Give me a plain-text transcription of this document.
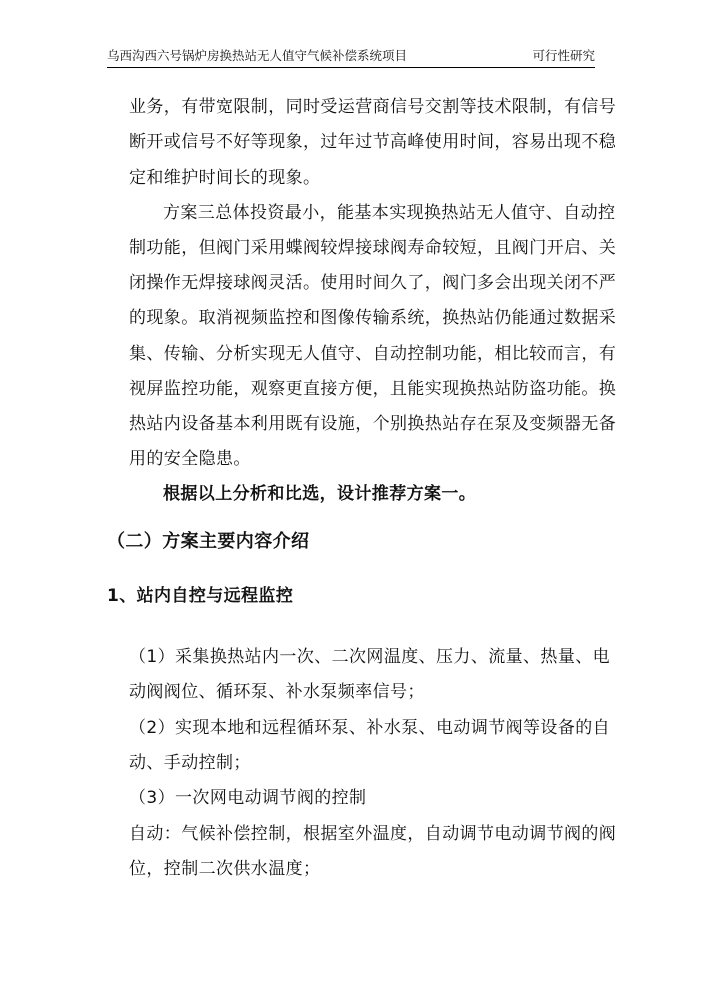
乌西沟西六号锅炉房换热站无人值守气候补偿系统项目	可行性研究

业务，有带宽限制，同时受运营商信号交割等技术限制，有信号

断开或信号不好等现象，过年过节高峰使用时间，容易出现不稳

定和维护时间长的现象。

方案三总体投资最小，能基本实现换热站无人值守、自动控

制功能，但阀门采用蝶阀较焊接球阀寿命较短，且阀门开启、关

闭操作无焊接球阀灵活。使用时间久了，阀门多会出现关闭不严

的现象。取消视频监控和图像传输系统，换热站仍能通过数据采

集、传输、分析实现无人值守、自动控制功能，相比较而言，有

视屏监控功能，观察更直接方便，且能实现换热站防盗功能。换

热站内设备基本利用既有设施，个别换热站存在泵及变频器无备

用的安全隐患。

根据以上分析和比选，设计推荐方案一。

（二）方案主要内容介绍

1、站内自控与远程监控

（1）采集换热站内一次、二次网温度、压力、流量、热量、电

动阀阀位、循环泵、补水泵频率信号；

（2）实现本地和远程循环泵、补水泵、电动调节阀等设备的自

动、手动控制；

（3）一次网电动调节阀的控制

自动：气候补偿控制，根据室外温度，自动调节电动调节阀的阀

位，控制二次供水温度；
